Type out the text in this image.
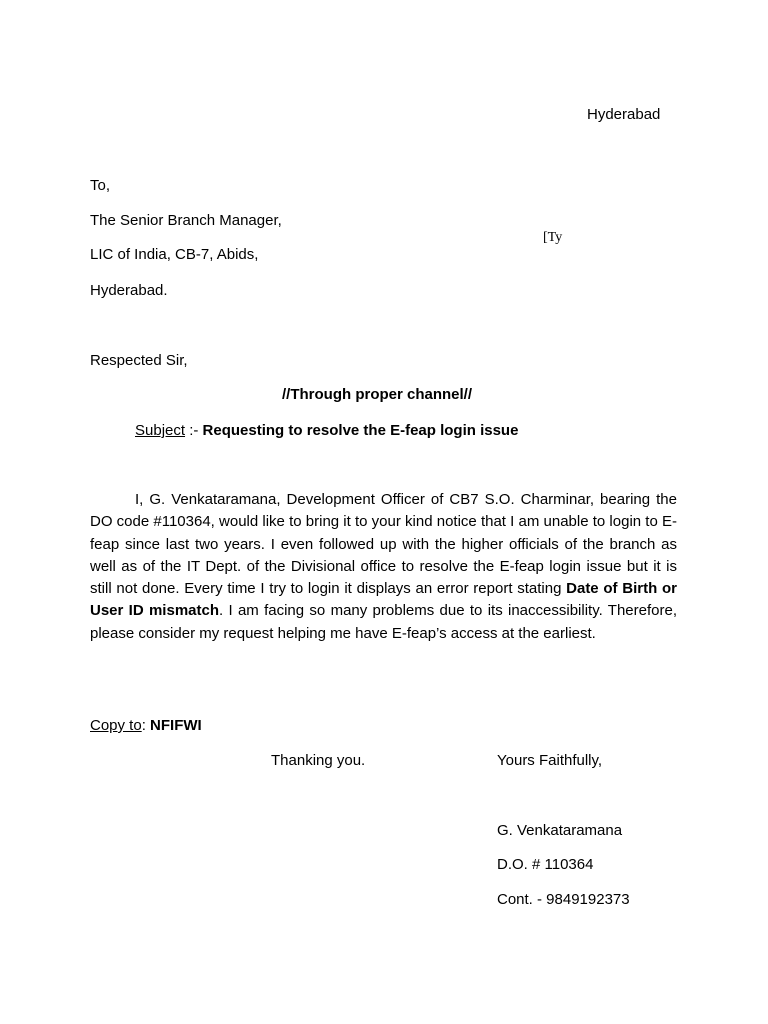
Hyderabad
To,
The Senior Branch Manager,
[Ty
LIC of India, CB-7, Abids,
Hyderabad.
Respected Sir,
//Through proper channel//
Subject :- Requesting to resolve the E-feap login issue
I, G. Venkataramana, Development Officer of CB7 S.O. Charminar, bearing the DO code #110364, would like to bring it to your kind notice that I am unable to login to E-feap since last two years. I even followed up with the higher officials of the branch as well as of the IT Dept. of the Divisional office to resolve the E-feap login issue but it is still not done. Every time I try to login it displays an error report stating Date of Birth or User ID mismatch. I am facing so many problems due to its inaccessibility. Therefore, please consider my request helping me have E-feap’s access at the earliest.
Copy to: NFIFWI
Thanking you.	Yours Faithfully,
G. Venkataramana
D.O. # 110364
Cont. - 9849192373
